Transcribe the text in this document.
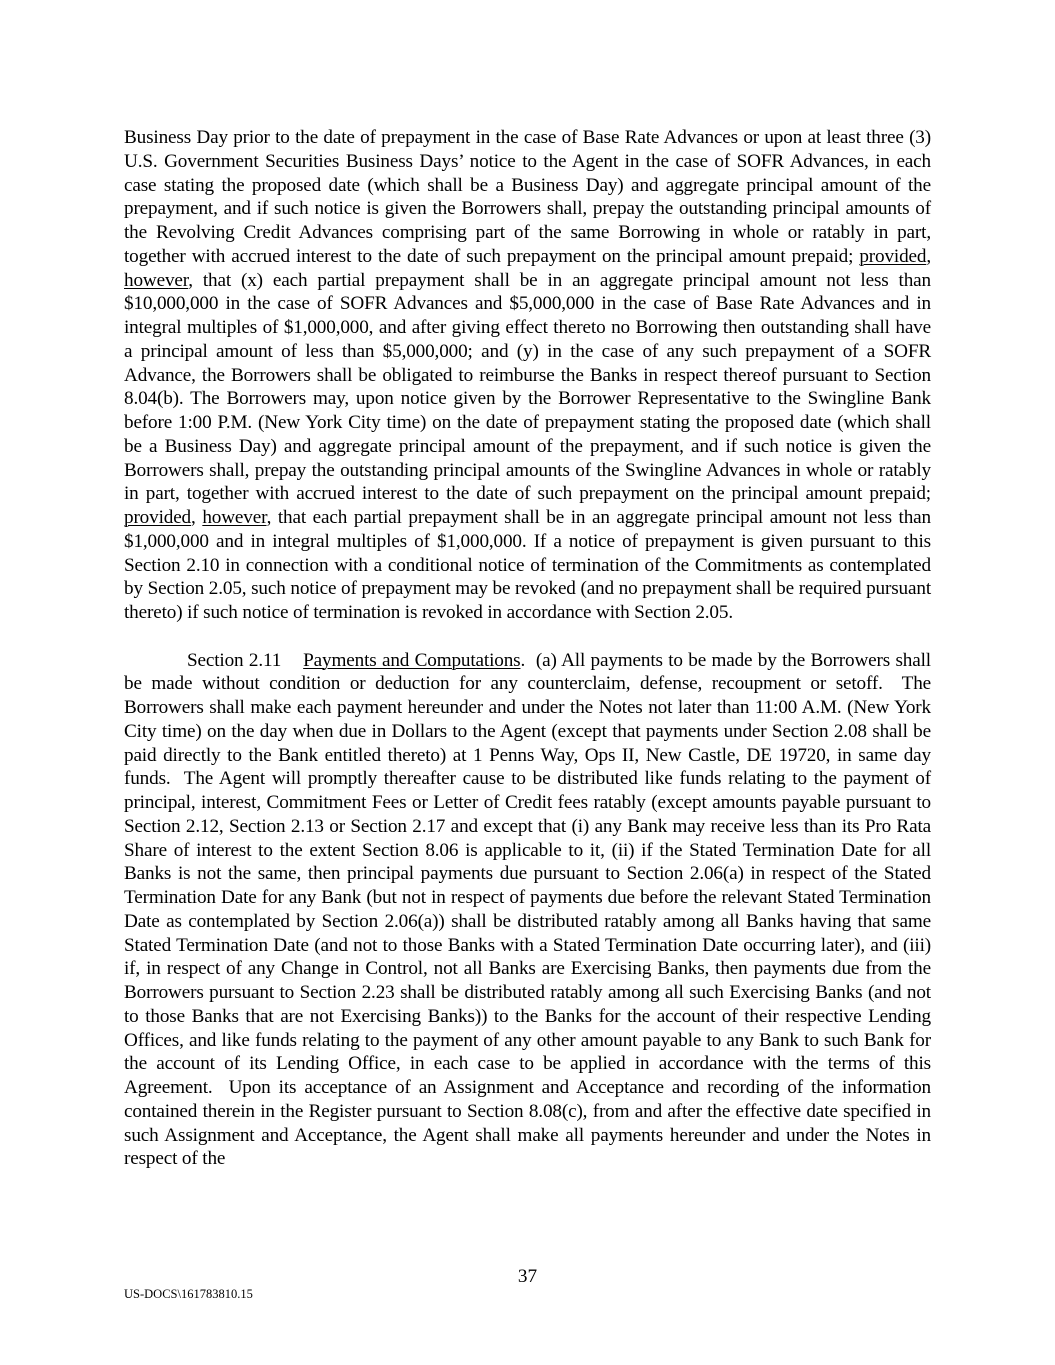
Business Day prior to the date of prepayment in the case of Base Rate Advances or upon at least three (3) U.S. Government Securities Business Days’ notice to the Agent in the case of SOFR Advances, in each case stating the proposed date (which shall be a Business Day) and aggregate principal amount of the prepayment, and if such notice is given the Borrowers shall, prepay the outstanding principal amounts of the Revolving Credit Advances comprising part of the same Borrowing in whole or ratably in part, together with accrued interest to the date of such prepayment on the principal amount prepaid; provided, however, that (x) each partial prepayment shall be in an aggregate principal amount not less than $10,000,000 in the case of SOFR Advances and $5,000,000 in the case of Base Rate Advances and in integral multiples of $1,000,000, and after giving effect thereto no Borrowing then outstanding shall have a principal amount of less than $5,000,000; and (y) in the case of any such prepayment of a SOFR Advance, the Borrowers shall be obligated to reimburse the Banks in respect thereof pursuant to Section 8.04(b). The Borrowers may, upon notice given by the Borrower Representative to the Swingline Bank before 1:00 P.M. (New York City time) on the date of prepayment stating the proposed date (which shall be a Business Day) and aggregate principal amount of the prepayment, and if such notice is given the Borrowers shall, prepay the outstanding principal amounts of the Swingline Advances in whole or ratably in part, together with accrued interest to the date of such prepayment on the principal amount prepaid; provided, however, that each partial prepayment shall be in an aggregate principal amount not less than $1,000,000 and in integral multiples of $1,000,000. If a notice of prepayment is given pursuant to this Section 2.10 in connection with a conditional notice of termination of the Commitments as contemplated by Section 2.05, such notice of prepayment may be revoked (and no prepayment shall be required pursuant thereto) if such notice of termination is revoked in accordance with Section 2.05.

Section 2.11 Payments and Computations.  (a) All payments to be made by the Borrowers shall be made without condition or deduction for any counterclaim, defense, recoupment or setoff.  The Borrowers shall make each payment hereunder and under the Notes not later than 11:00 A.M. (New York City time) on the day when due in Dollars to the Agent (except that payments under Section 2.08 shall be paid directly to the Bank entitled thereto) at 1 Penns Way, Ops II, New Castle, DE 19720, in same day funds.  The Agent will promptly thereafter cause to be distributed like funds relating to the payment of principal, interest, Commitment Fees or Letter of Credit fees ratably (except amounts payable pursuant to Section 2.12, Section 2.13 or Section 2.17 and except that (i) any Bank may receive less than its Pro Rata Share of interest to the extent Section 8.06 is applicable to it, (ii) if the Stated Termination Date for all Banks is not the same, then principal payments due pursuant to Section 2.06(a) in respect of the Stated Termination Date for any Bank (but not in respect of payments due before the relevant Stated Termination Date as contemplated by Section 2.06(a)) shall be distributed ratably among all Banks having that same Stated Termination Date (and not to those Banks with a Stated Termination Date occurring later), and (iii) if, in respect of any Change in Control, not all Banks are Exercising Banks, then payments due from the Borrowers pursuant to Section 2.23 shall be distributed ratably among all such Exercising Banks (and not to those Banks that are not Exercising Banks)) to the Banks for the account of their respective Lending Offices, and like funds relating to the payment of any other amount payable to any Bank to such Bank for the account of its Lending Office, in each case to be applied in accordance with the terms of this Agreement.  Upon its acceptance of an Assignment and Acceptance and recording of the information contained therein in the Register pursuant to Section 8.08(c), from and after the effective date specified in such Assignment and Acceptance, the Agent shall make all payments hereunder and under the Notes in respect of the

37
US-DOCS\161783810.15
